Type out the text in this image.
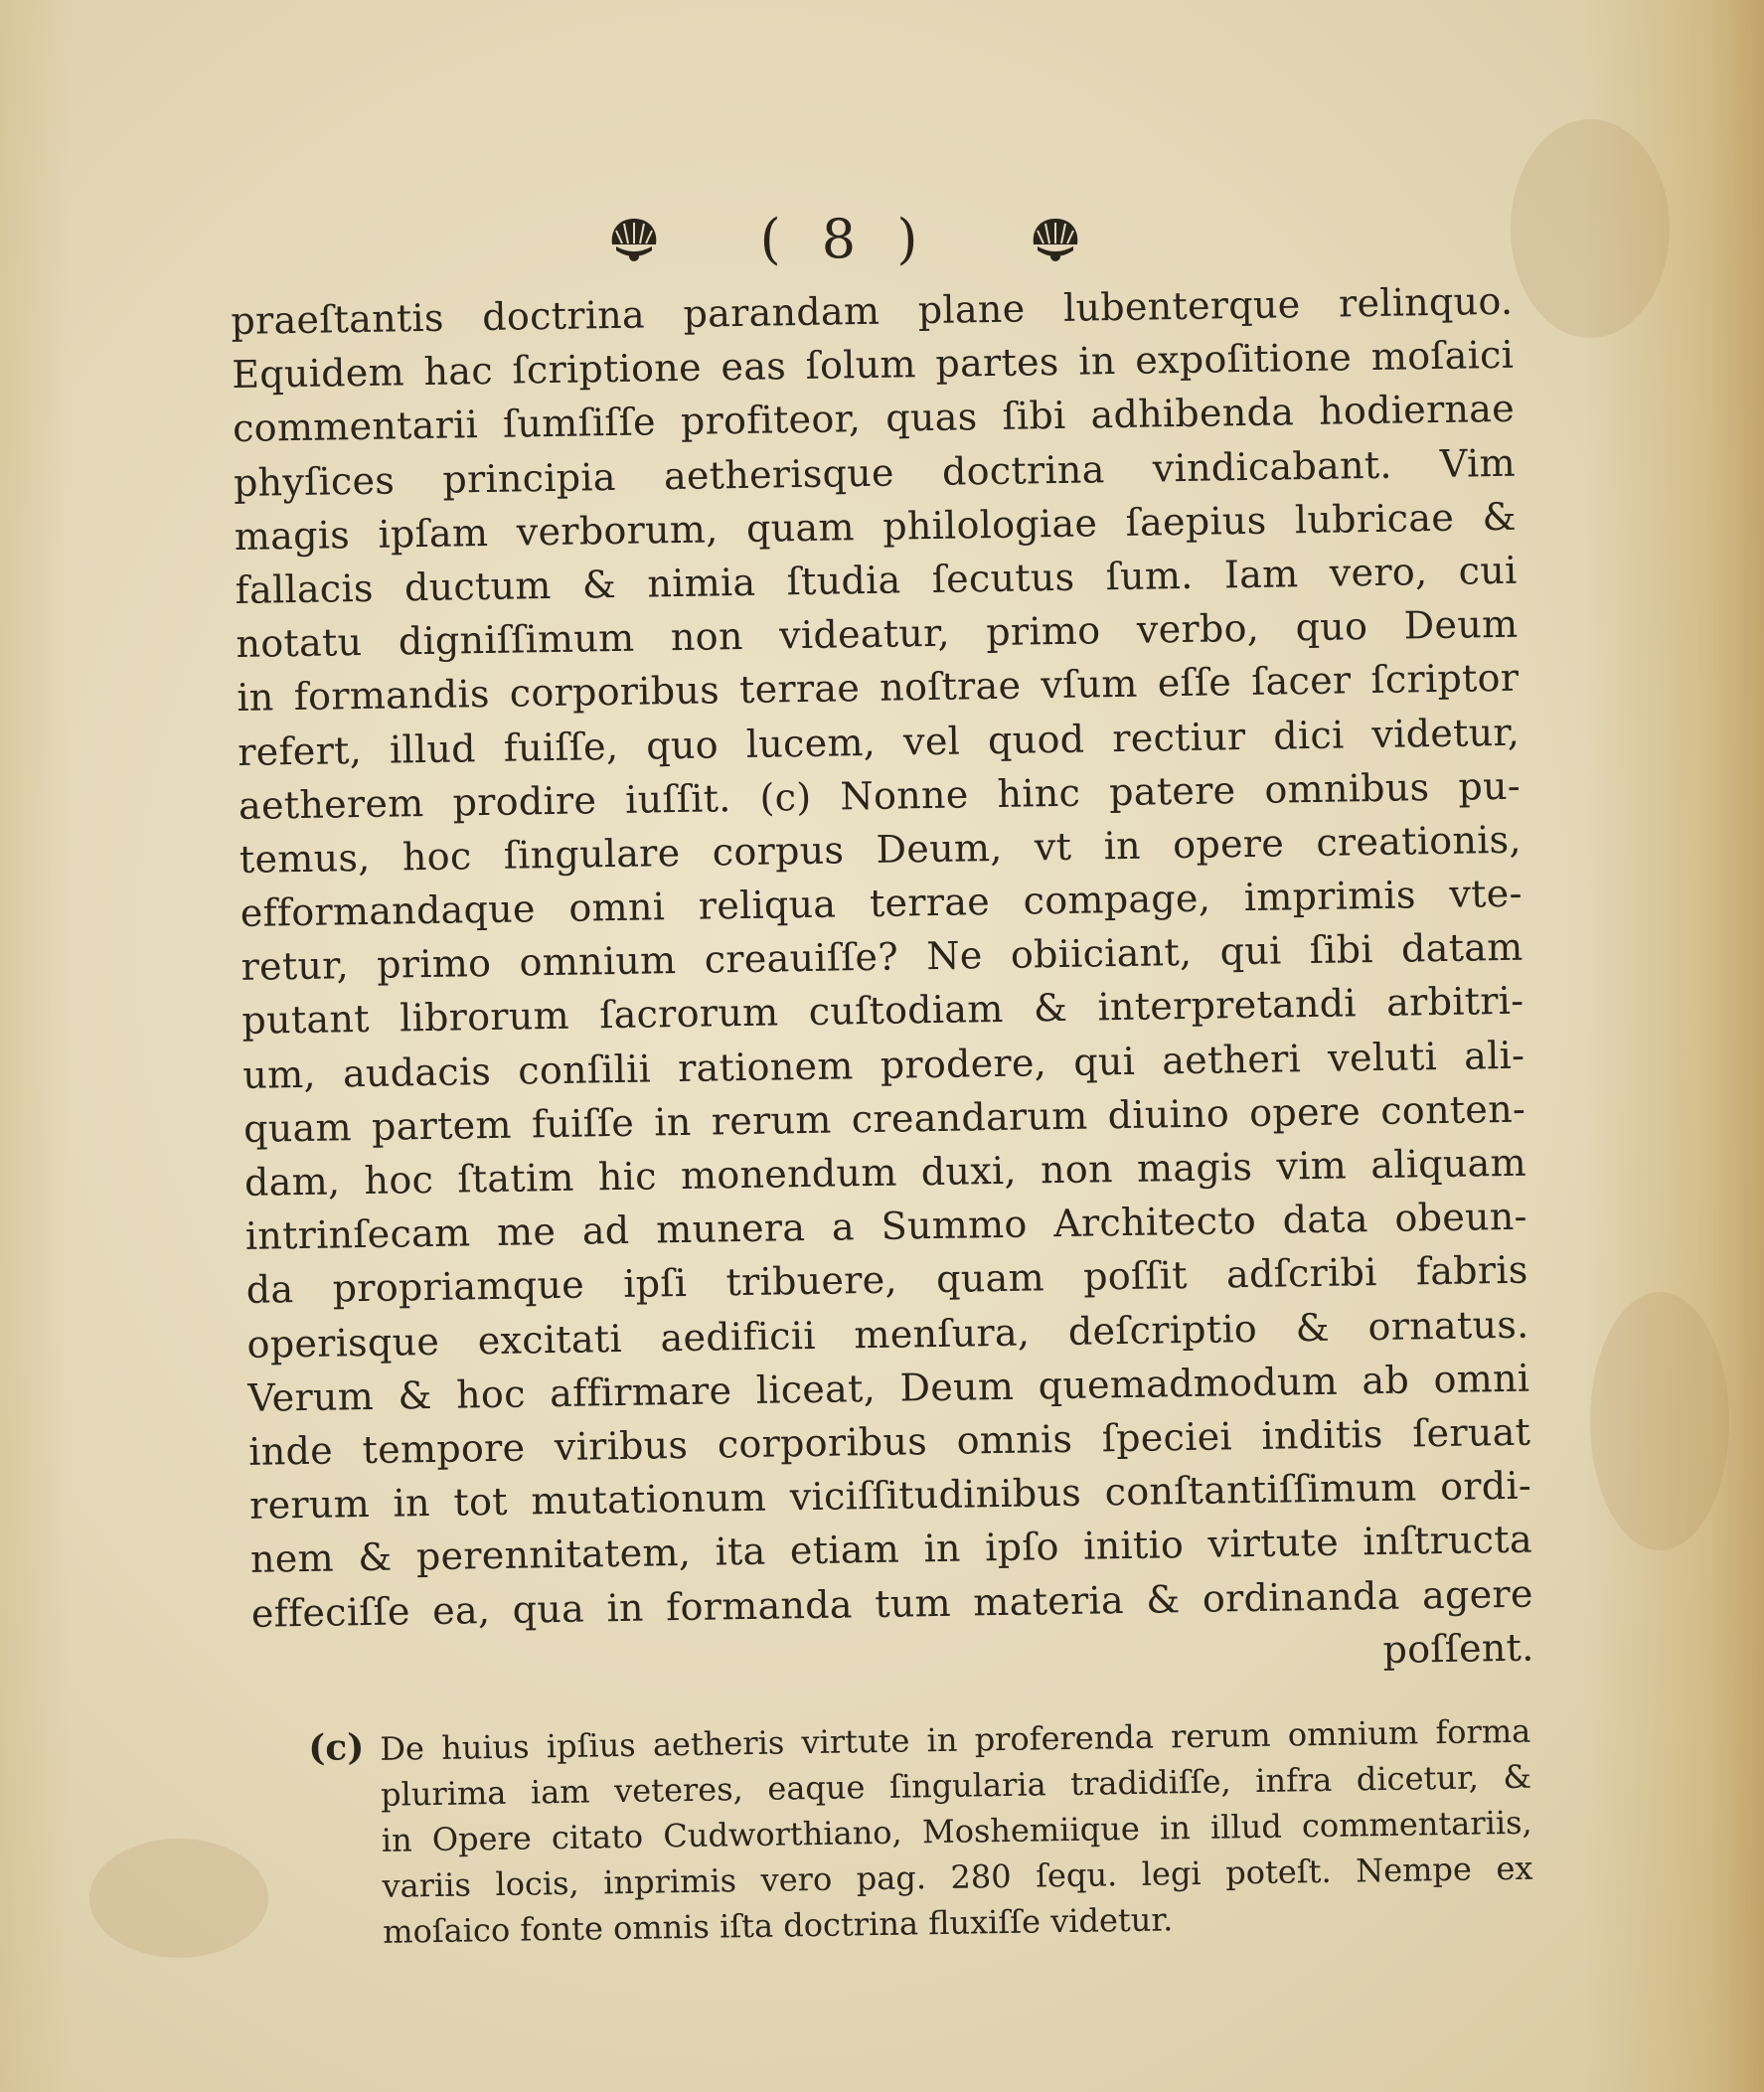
( 8 )
praeſtantis doctrina parandam plane lubenterque relinquo.
Equidem hac ſcriptione eas ſolum partes in expoſitione moſaici
commentarii ſumſiſſe profiteor, quas ſibi adhibenda hodiernae
phyſices principia aetherisque doctrina vindicabant. Vim
magis ipſam verborum, quam philologiae ſaepius lubricae &
fallacis ductum & nimia ſtudia ſecutus ſum. Iam vero, cui
notatu digniſſimum non videatur, primo verbo, quo Deum
in formandis corporibus terrae noſtrae vſum eſſe ſacer ſcriptor
refert, illud fuiſſe, quo lucem, vel quod rectiur dici videtur,
aetherem prodire iuſſit. (c) Nonne hinc patere omnibus pu-
temus, hoc ſingulare corpus Deum, vt in opere creationis,
efformandaque omni reliqua terrae compage, imprimis vte-
retur, primo omnium creauiſſe? Ne obiiciant, qui ſibi datam
putant librorum ſacrorum cuſtodiam & interpretandi arbitri-
um, audacis conſilii rationem prodere, qui aetheri veluti ali-
quam partem fuiſſe in rerum creandarum diuino opere conten-
dam, hoc ſtatim hic monendum duxi, non magis vim aliquam
intrinſecam me ad munera a Summo Architecto data obeun-
da propriamque ipſi tribuere, quam poſſit adſcribi fabris
operisque excitati aedificii menſura, deſcriptio & ornatus.
Verum & hoc affirmare liceat, Deum quemadmodum ab omni
inde tempore viribus corporibus omnis ſpeciei inditis ſeruat
rerum in tot mutationum viciſſitudinibus conſtantiſſimum ordi-
nem & perennitatem, ita etiam in ipſo initio virtute inſtructa
effeciſſe ea, qua in formanda tum materia & ordinanda agere
poſſent.
(c) De huius ipſius aetheris virtute in proferenda rerum omnium forma
plurima iam veteres, eaque ſingularia tradidiſſe, infra dicetur, &
in Opere citato Cudworthiano, Moshemiique in illud commentariis,
variis locis, inprimis vero pag. 280 ſequ. legi poteſt. Nempe ex
moſaico fonte omnis iſta doctrina fluxiſſe videtur.
